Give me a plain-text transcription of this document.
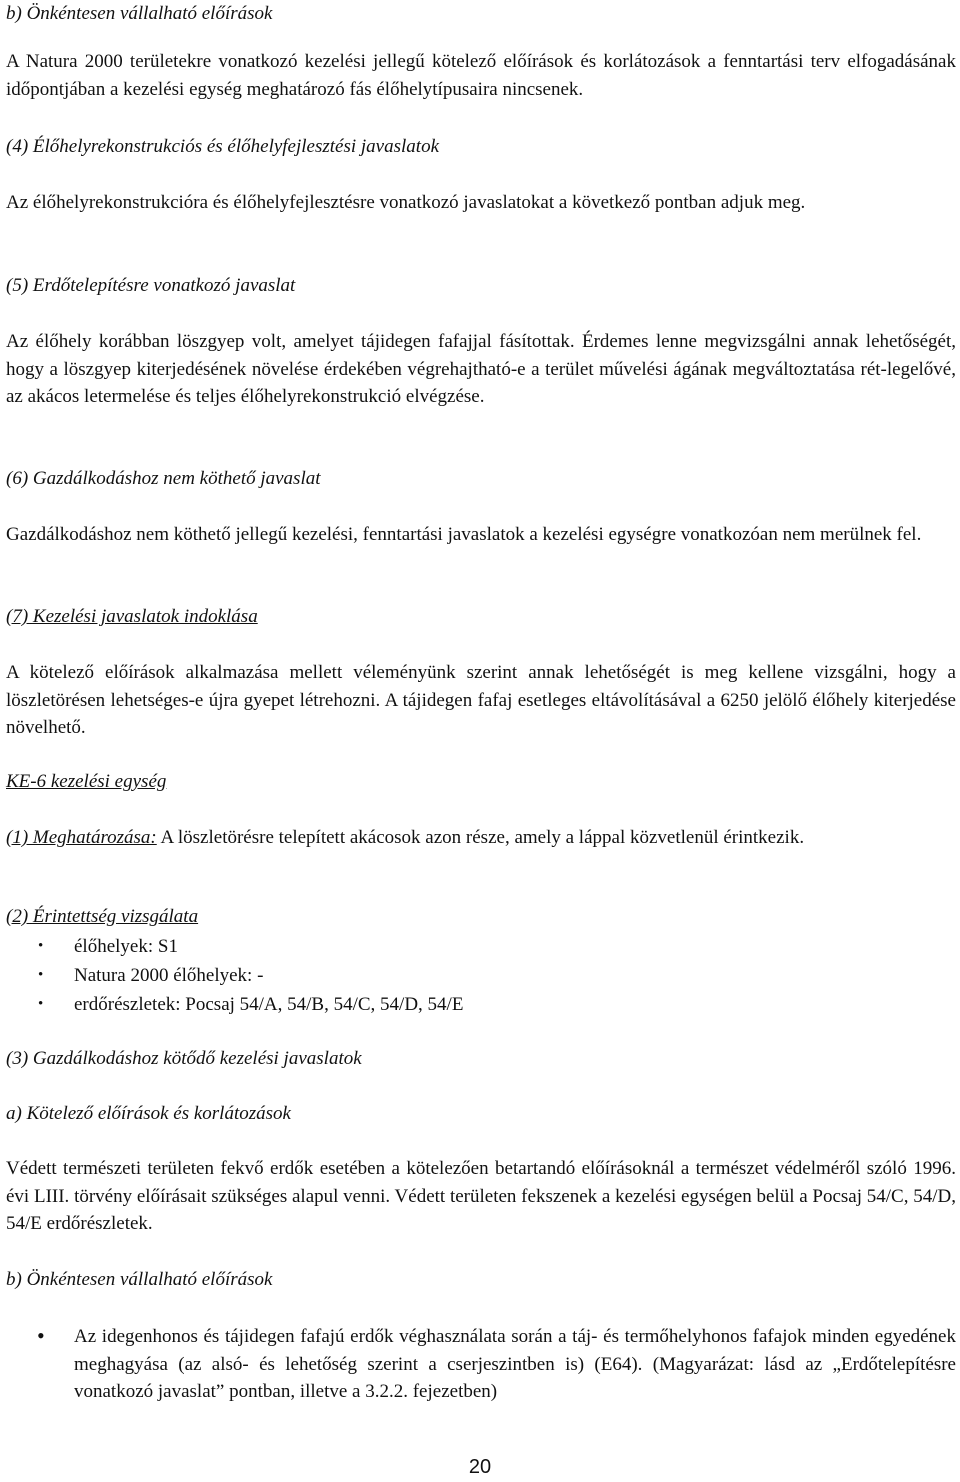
b) Önkéntesen vállalható előírások

A Natura 2000 területekre vonatkozó kezelési jellegű kötelező előírások és korlátozások a fenntartási terv elfogadásának időpontjában a kezelési egység meghatározó fás élőhelytípusaira nincsenek.

(4) Élőhelyrekonstrukciós és élőhelyfejlesztési javaslatok

Az élőhelyrekonstrukcióra és élőhelyfejlesztésre vonatkozó javaslatokat a következő pontban adjuk meg.

(5) Erdőtelepítésre vonatkozó javaslat

Az élőhely korábban löszgyep volt, amelyet tájidegen fafajjal fásítottak. Érdemes lenne megvizsgálni annak lehetőségét, hogy a löszgyep kiterjedésének növelése érdekében végrehajtható-e a terület művelési ágának megváltoztatása rét-legelővé, az akácos letermelése és teljes élőhelyrekonstrukció elvégzése.

(6) Gazdálkodáshoz nem köthető javaslat

Gazdálkodáshoz nem köthető jellegű kezelési, fenntartási javaslatok a kezelési egységre vonatkozóan nem merülnek fel.

(7) Kezelési javaslatok indoklása

A kötelező előírások alkalmazása mellett véleményünk szerint annak lehetőségét is meg kellene vizsgálni, hogy a löszletörésen lehetséges-e újra gyepet létrehozni. A tájidegen fafaj esetleges eltávolításával a 6250 jelölő élőhely kiterjedése növelhető.

KE-6 kezelési egység

(1) Meghatározása: A löszletörésre telepített akácosok azon része, amely a láppal közvetlenül érintkezik.

(2) Érintettség vizsgálata

• élőhelyek: S1
• Natura 2000 élőhelyek: -
• erdőrészletek: Pocsaj 54/A, 54/B, 54/C, 54/D, 54/E

(3) Gazdálkodáshoz kötődő kezelési javaslatok

a) Kötelező előírások és korlátozások

Védett természeti területen fekvő erdők esetében a kötelezően betartandó előírásoknál a természet védelméről szóló 1996. évi LIII. törvény előírásait szükséges alapul venni. Védett területen fekszenek a kezelési egységen belül a Pocsaj 54/C, 54/D, 54/E erdőrészletek.

b) Önkéntesen vállalható előírások

• Az idegenhonos és tájidegen fafajú erdők véghasználata során a táj- és termőhelyhonos fafajok minden egyedének meghagyása (az alsó- és lehetőség szerint a cserjeszintben is) (E64). (Magyarázat: lásd az „Erdőtelepítésre vonatkozó javaslat” pontban, illetve a 3.2.2. fejezetben)
20
